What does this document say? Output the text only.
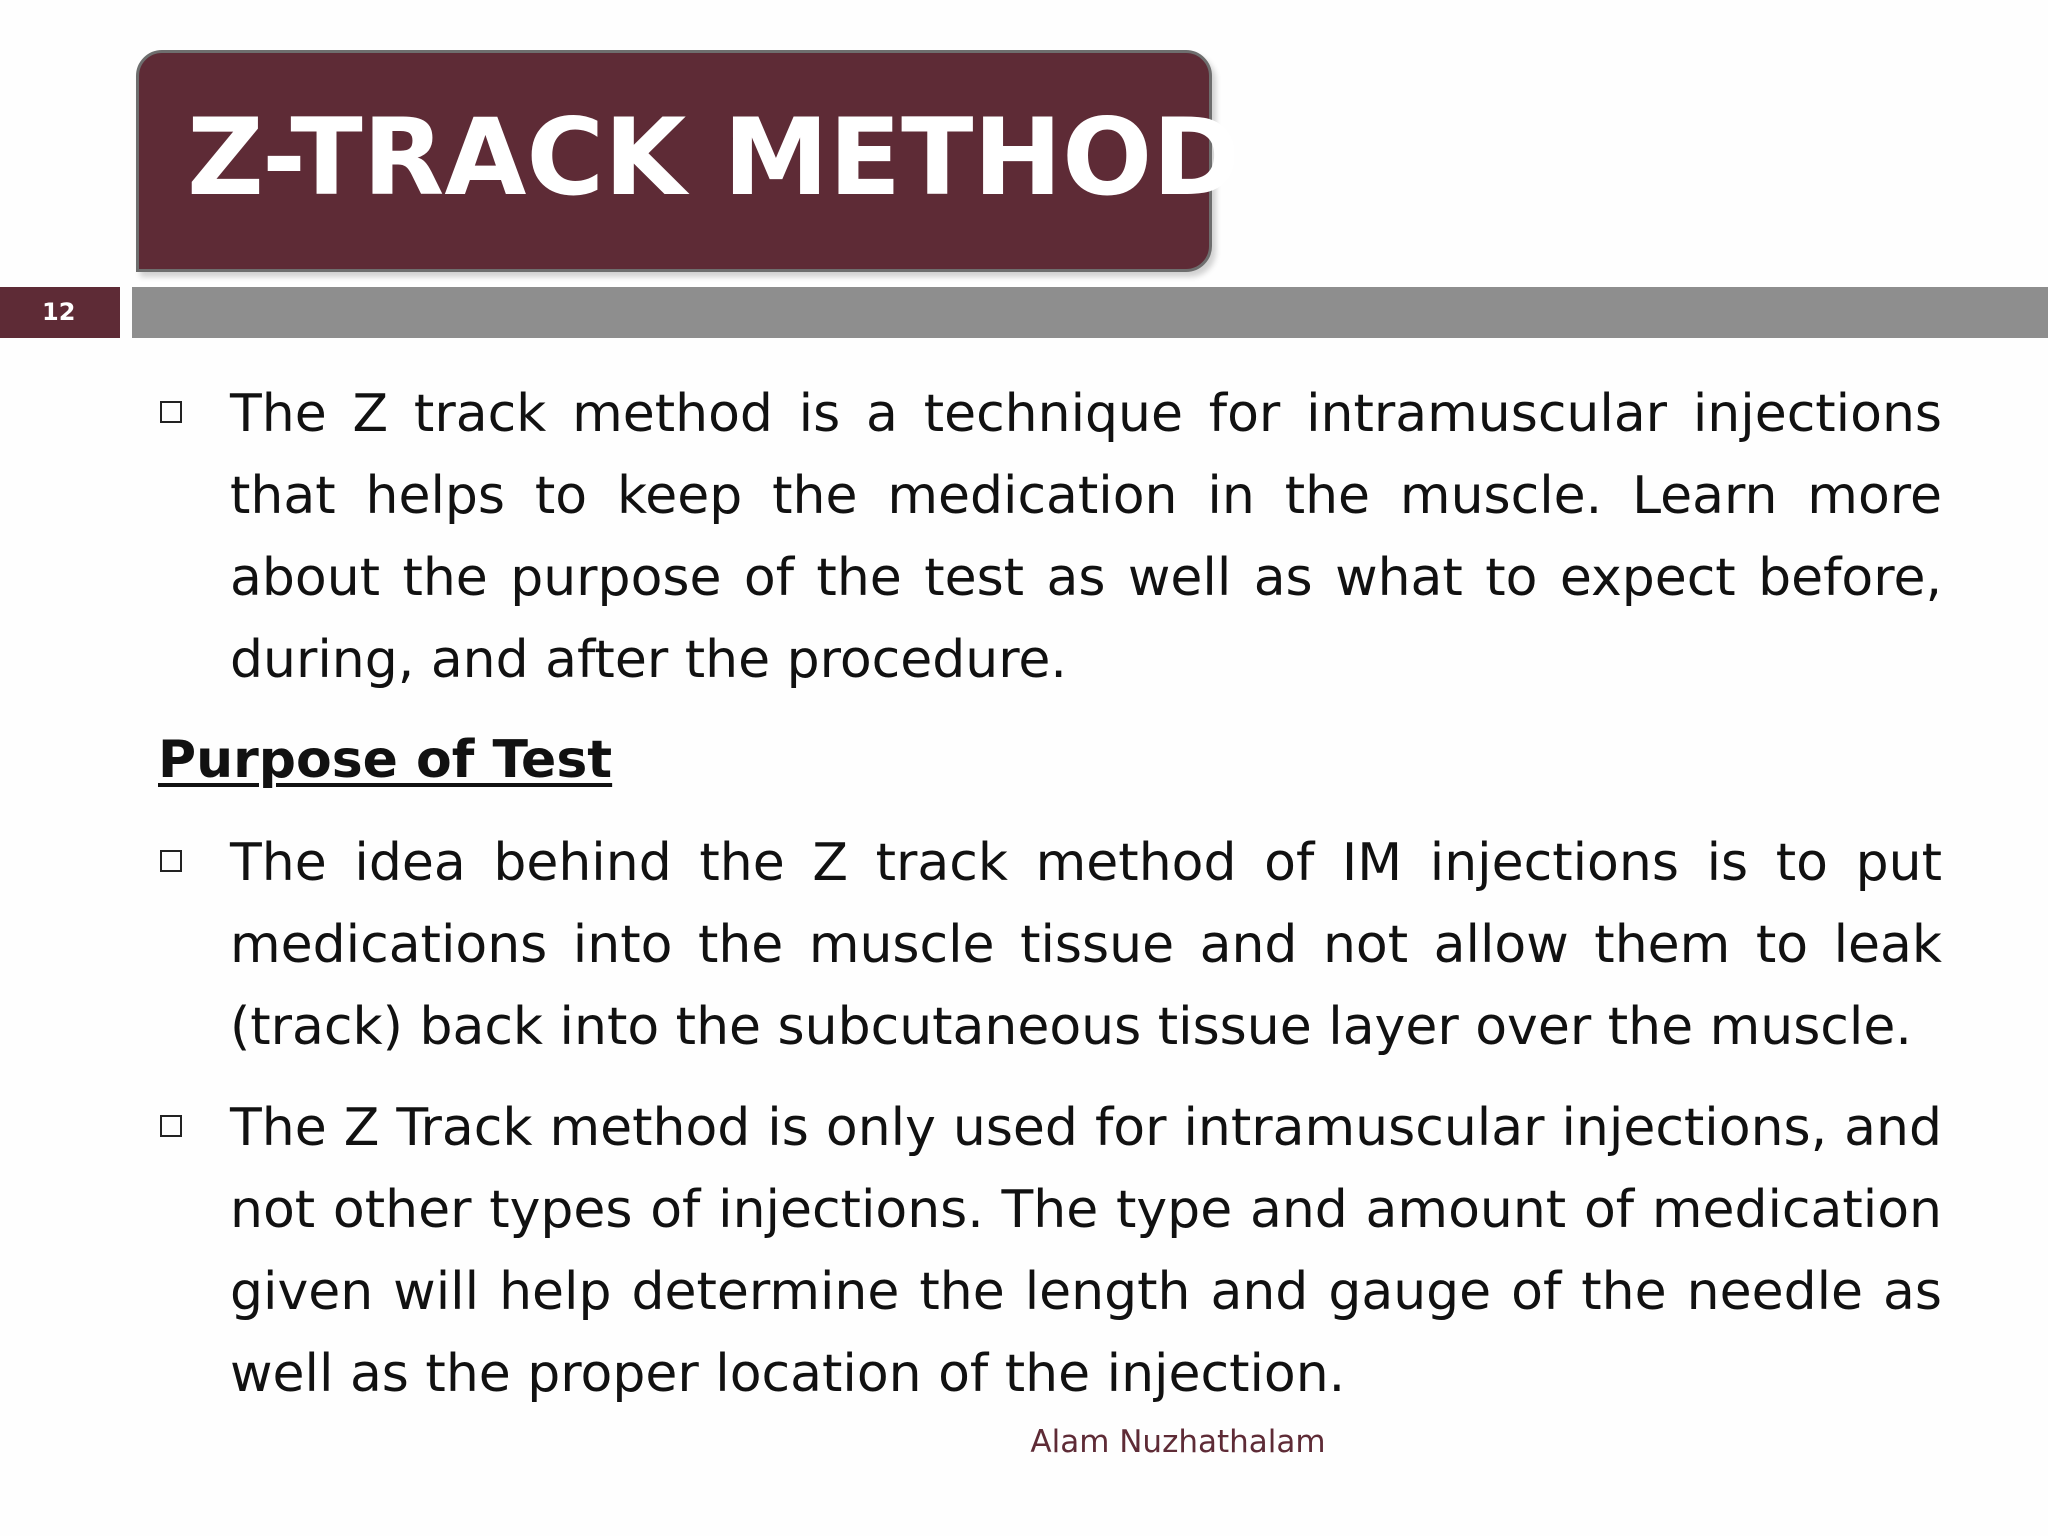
Z-TRACK METHOD
12
The Z track method is a technique for intramuscular injections that helps to keep the medication in the muscle. Learn more about the purpose of the test as well as what to expect before, during, and after the procedure.
Purpose of Test
The idea behind the Z track method of IM injections is to put medications into the muscle tissue and not allow them to leak (track) back into the subcutaneous tissue layer over the muscle.
The Z Track method is only used for intramuscular injections, and not other types of injections. The type and amount of medication given will help determine the length and gauge of the needle as well as the proper location of the injection.
Alam Nuzhathalam
